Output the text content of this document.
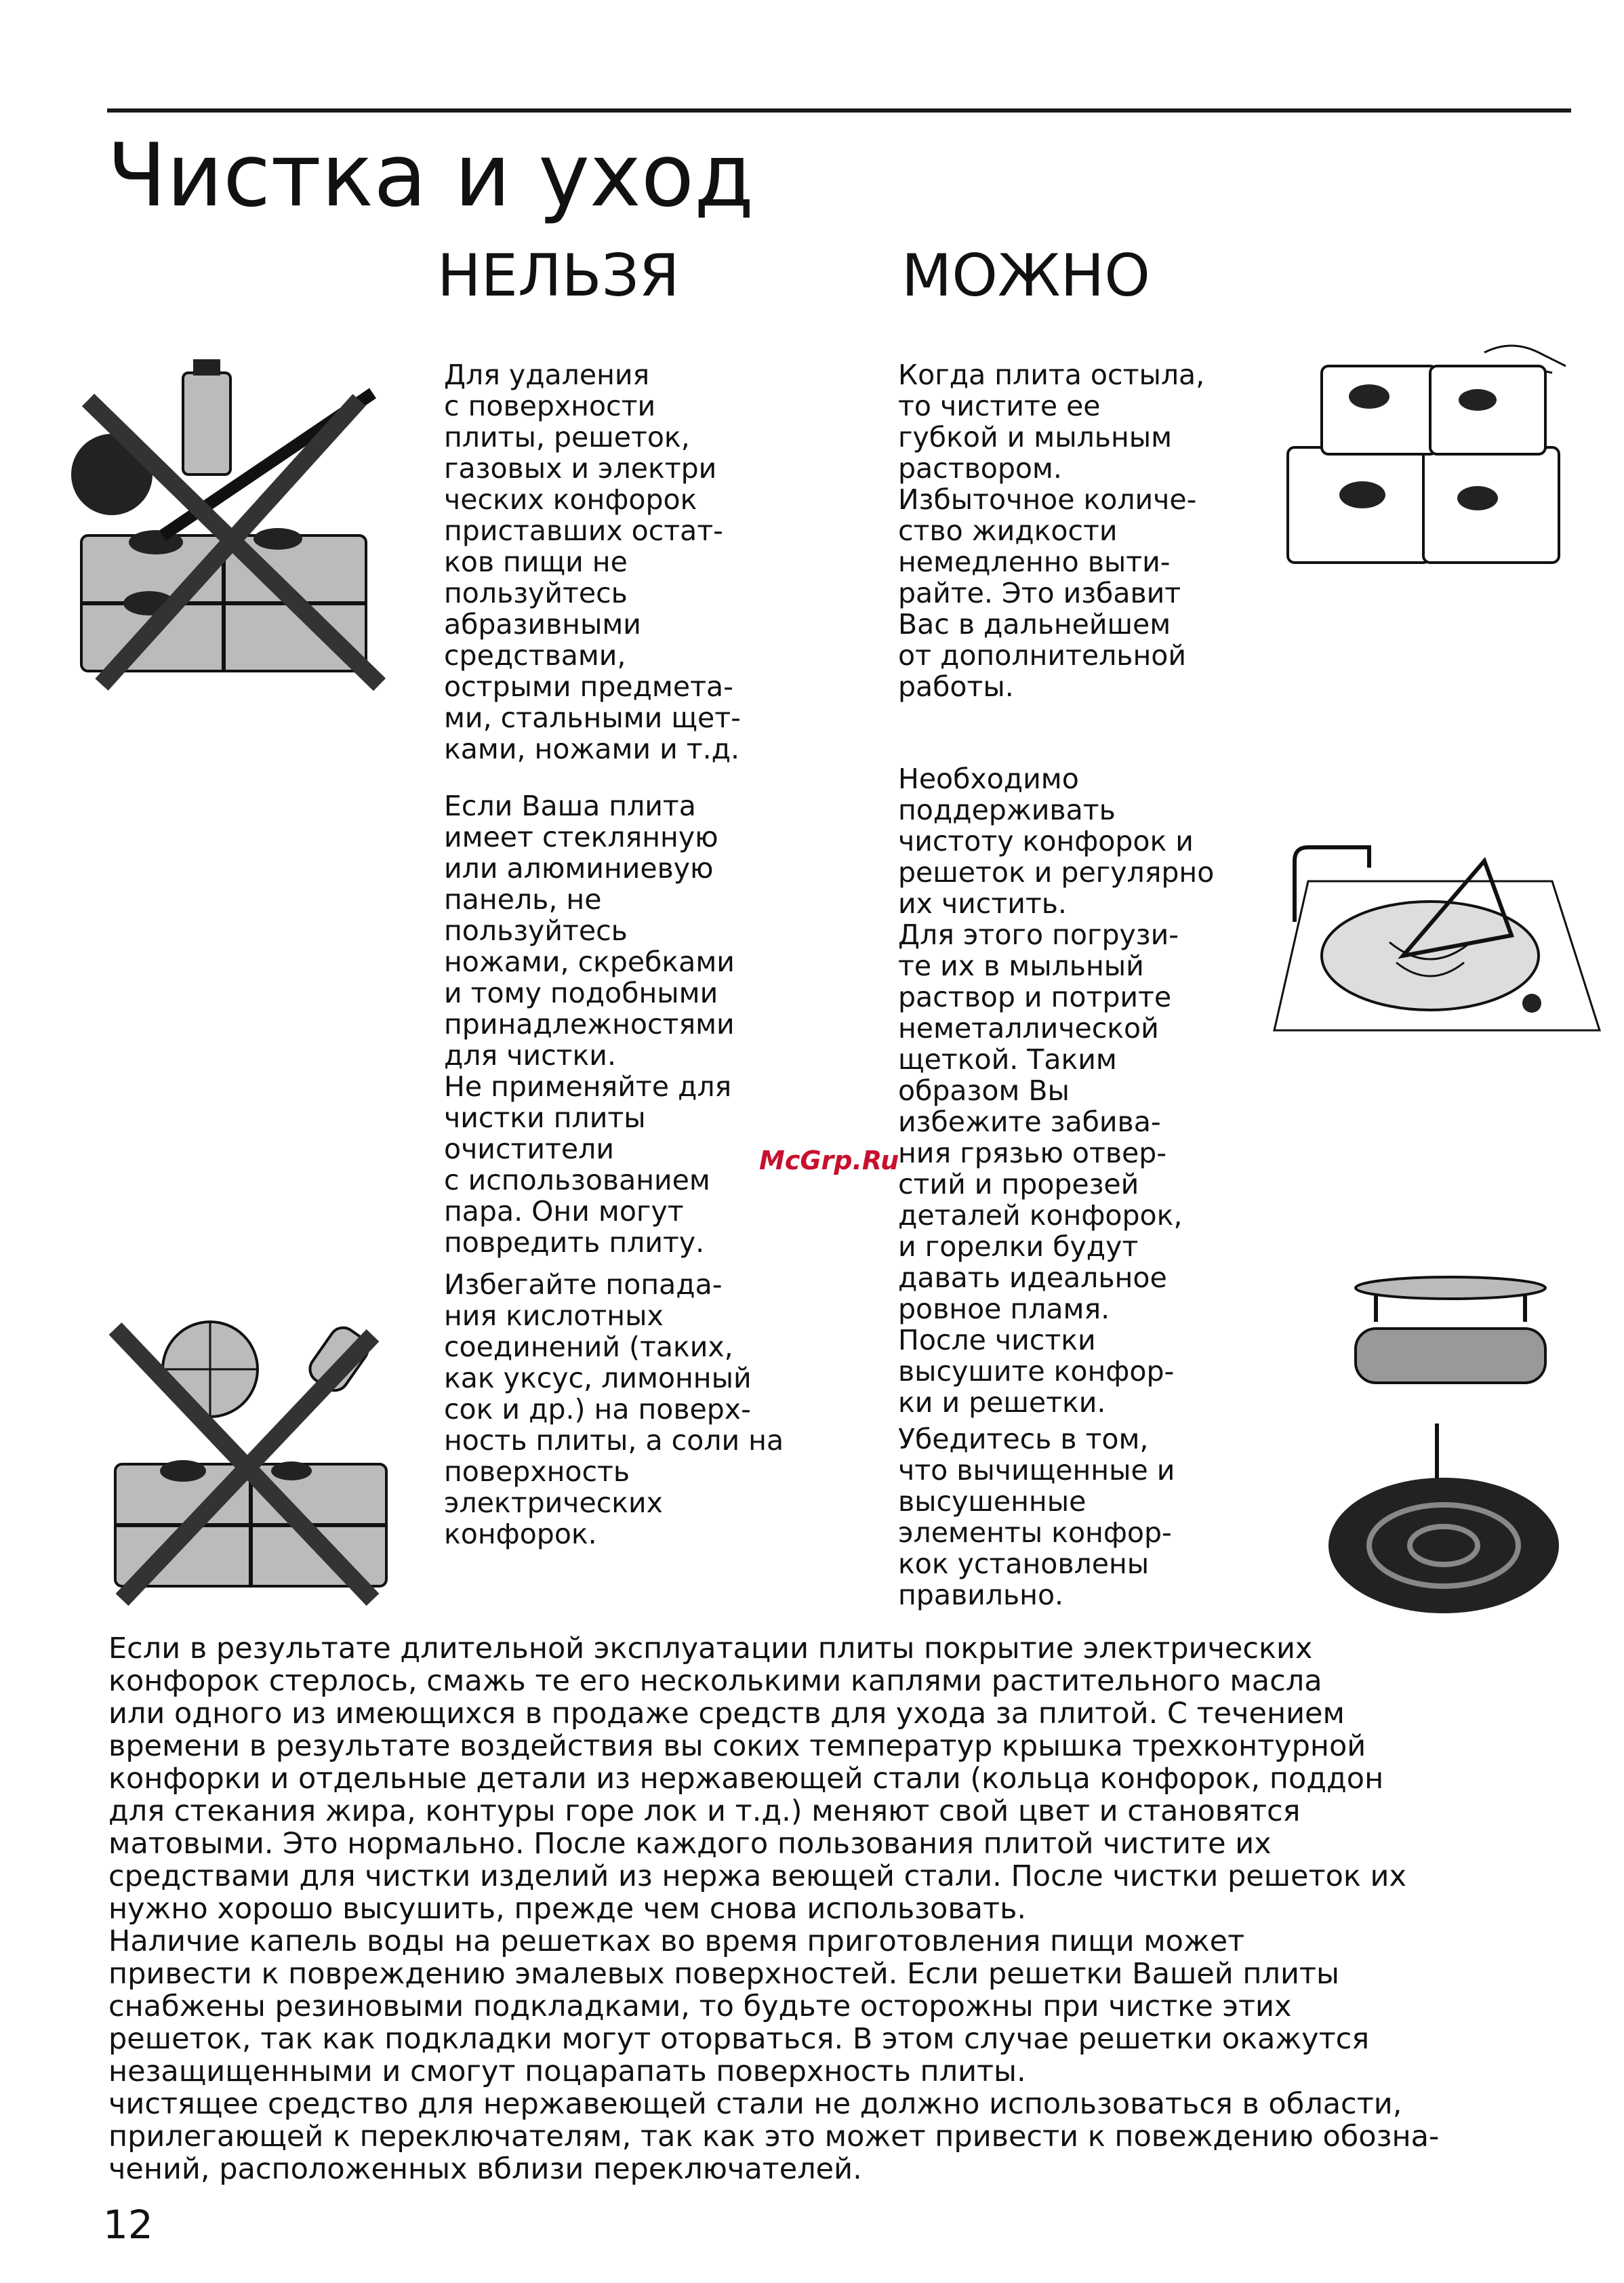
Чистка и уход
НЕЛЬЗЯ	МОЖНО

Для удаления
с поверхности
плиты, решеток,
газовых и электри
ческих конфорок
приставших остат-
ков пищи не
пользуйтесь
абразивными
средствами,
острыми предмета-
ми, стальными щет-
ками, ножами и т.д.

Если Ваша плита
имеет стеклянную
или алюминиевую
панель, не
пользуйтесь
ножами, скребками
и тому подобными
принадлежностями
для чистки.
Не применяйте для
чистки плиты
очистители
с использованием
пара. Они могут
повредить плиту.

Избегайте попада-
ния кислотных
соединений (таких,
как уксус, лимонный
сок и др.) на поверх-
ность плиты, а соли на
поверхность
электрических
конфорок.

Когда плита остыла,
то чистите ее
губкой и мыльным
раствором.
Избыточное количе-
ство жидкости
немедленно выти-
райте. Это избавит
Вас в дальнейшем
от дополнительной
работы.

Необходимо
поддерживать
чистоту конфорок и
решеток и регулярно
их чистить.
Для этого погрузи-
те их в мыльный
раствор и потрите
неметаллической
щеткой. Таким
образом Вы
избежите забива-
ния грязью отвер-
стий и прорезей
деталей конфорок,
и горелки будут
давать идеальное
ровное пламя.
После чистки
высушите конфор-
ки и решетки.

Убедитесь в том,
что вычищенные и
высушенные
элементы конфор-
кок установлены
правильно.

McGrp.Ru

Если в результате длительной эксплуатации плиты покрытие электрических
конфорок стерлось, смажь те его несколькими каплями растительного масла
или одного из имеющихся в продаже средств для ухода за плитой. С течением
времени в результате воздействия вы соких температур крышка трехконтурной
конфорки и отдельные детали из нержавеющей стали (кольца конфорок, поддон
для стекания жира, контуры горе лок и т.д.) меняют свой цвет и становятся
матовыми. Это нормально. После каждого пользования плитой чистите их
средствами для чистки изделий из нержа веющей стали. После чистки решеток их
нужно хорошо высушить, прежде чем снова использовать.
Наличие капель воды на решетках во время приготовления пищи может
привести к повреждению эмалевых поверхностей. Если решетки Вашей плиты
снабжены резиновыми подкладками, то будьте осторожны при чистке этих
решеток, так как подкладки могут оторваться. В этом случае решетки окажутся
незащищенными и смогут поцарапать поверхность плиты.
чистящее средство для нержавеющей стали не должно использоваться в области,
прилегающей к переключателям, так как это может привести к повеждению обозна-
чений, расположенных вблизи переключателей.

12
